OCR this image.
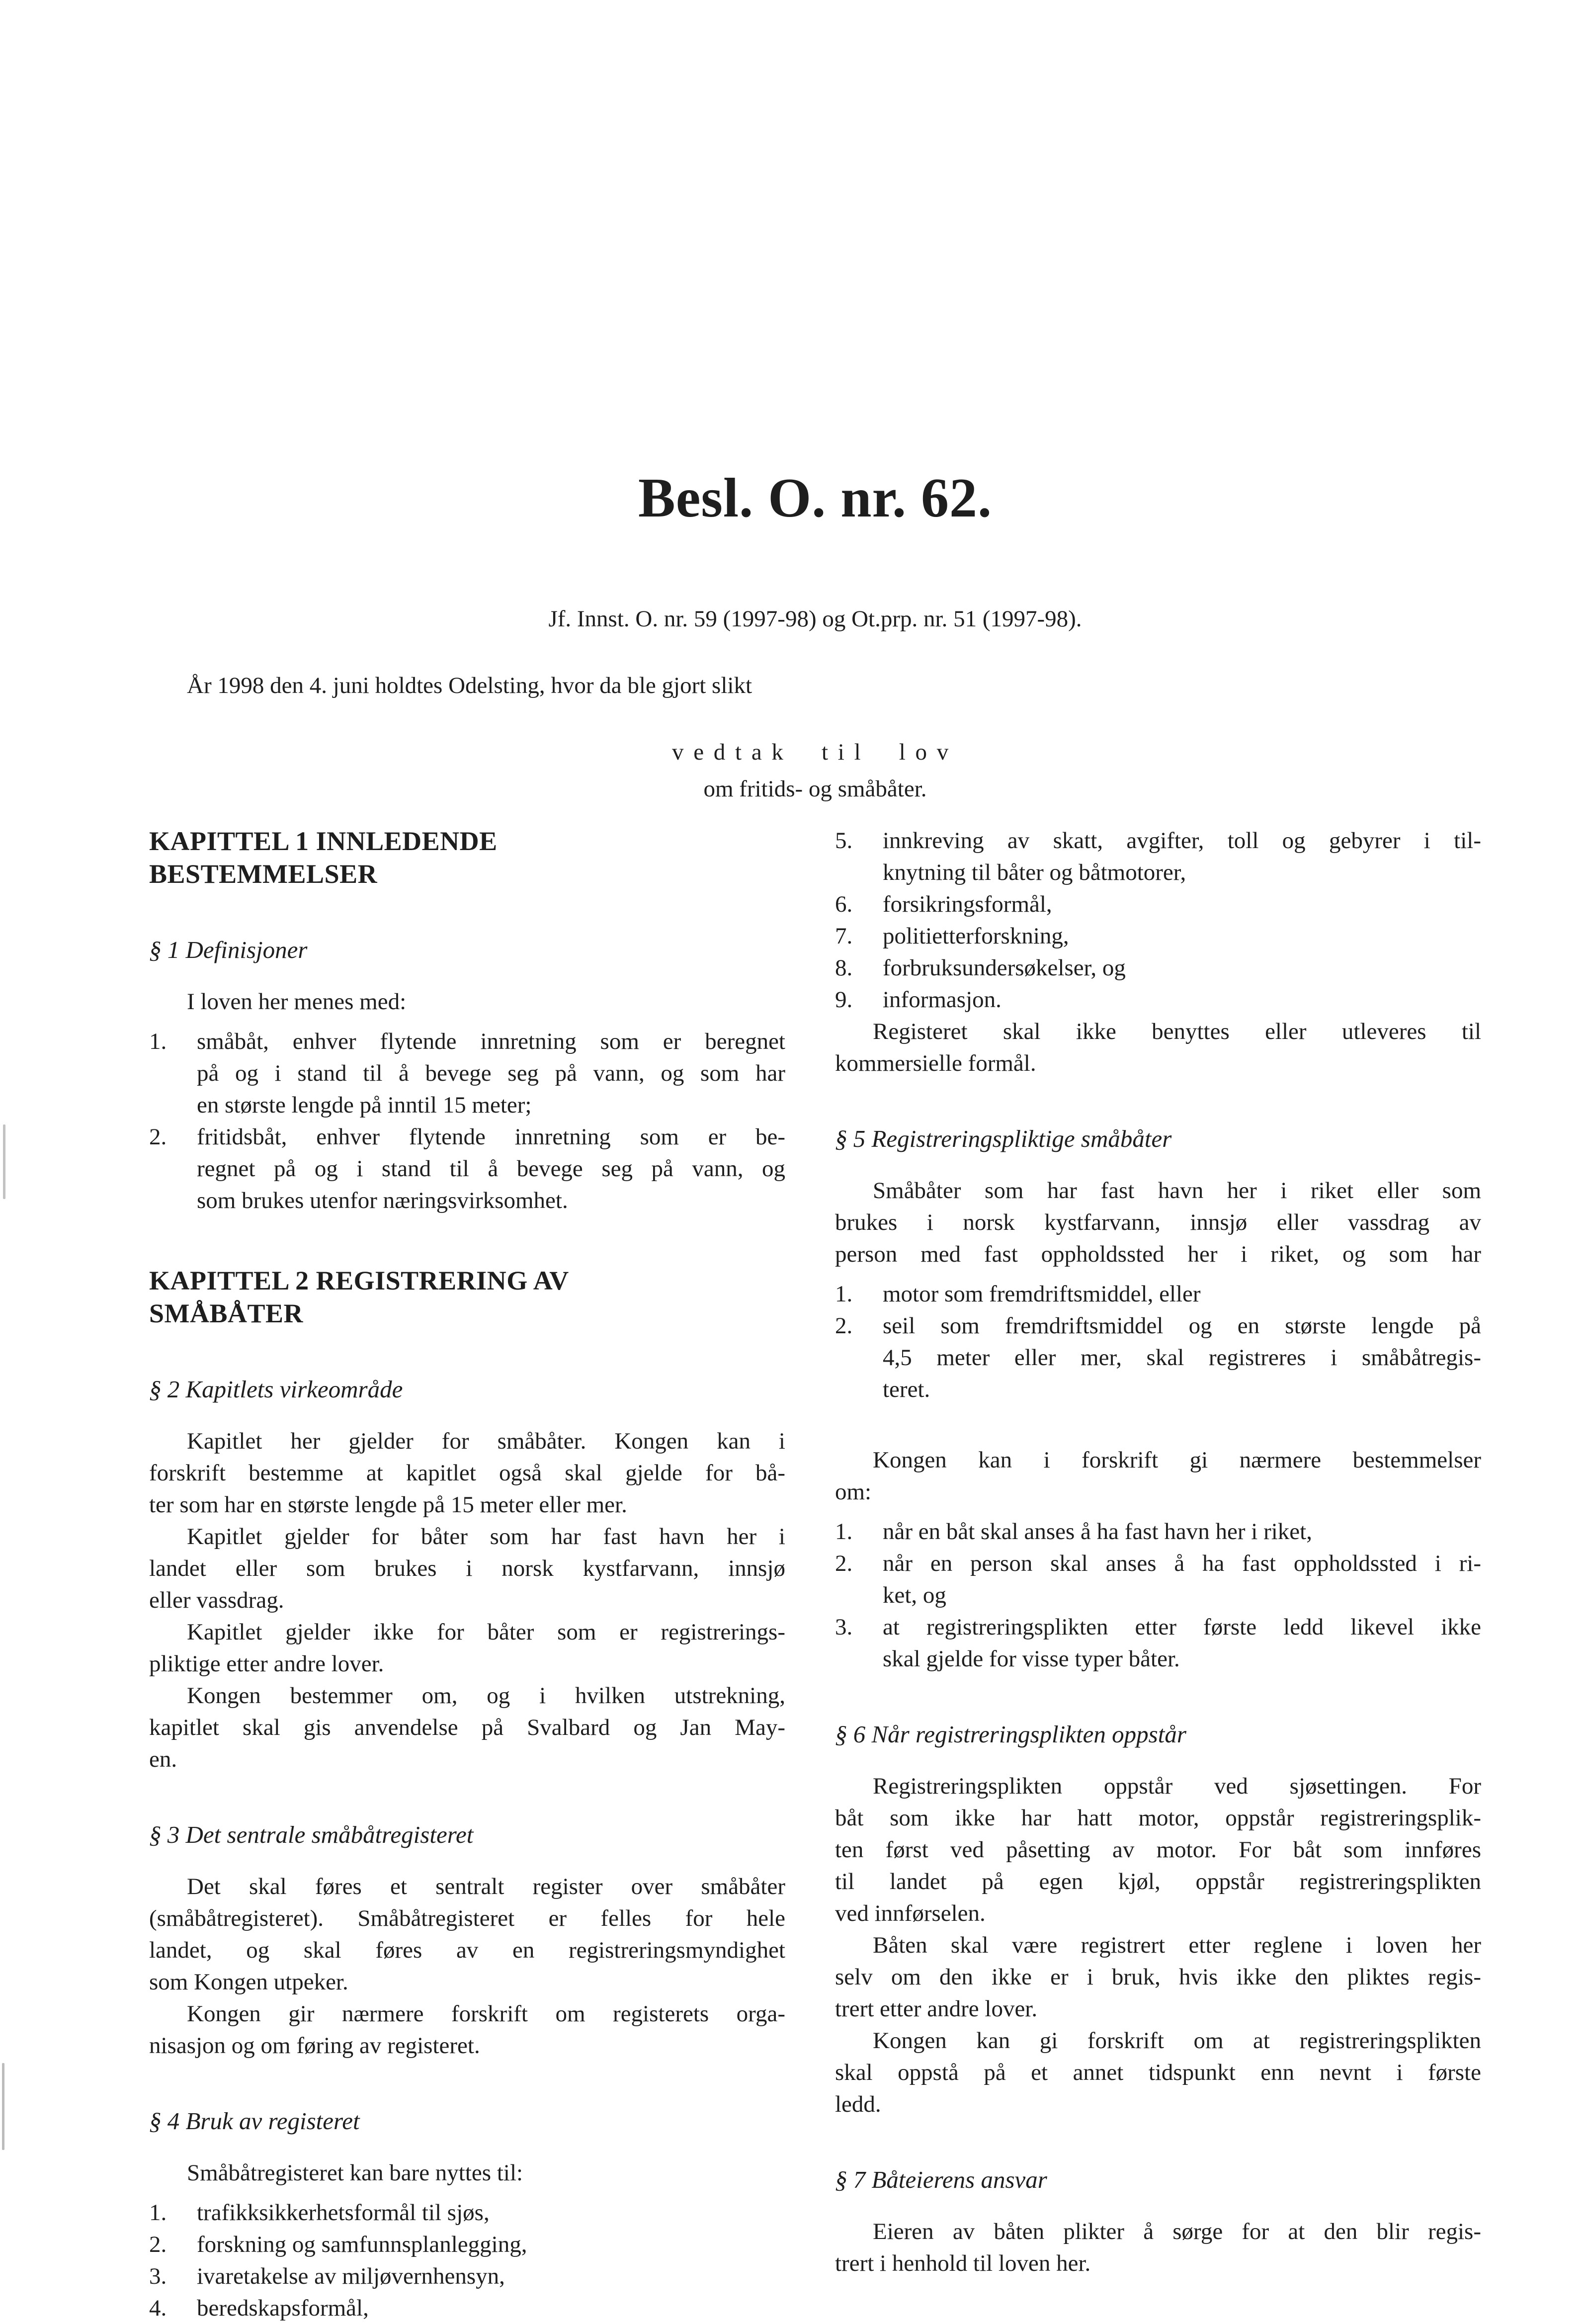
Besl. O. nr. 62.
Jf. Innst. O. nr. 59 (1997-98) og Ot.prp. nr. 51 (1997-98).
År 1998 den 4. juni holdtes Odelsting, hvor da ble gjort slikt
vedtak til lov
om fritids- og småbåter.
KAPITTEL 1 INNLEDENDE
BESTEMMELSER
§ 1 Definisjoner
I loven her menes med:
1. småbåt, enhver flytende innretning som er beregnet
på og i stand til å bevege seg på vann, og som har
en største lengde på inntil 15 meter;
2. fritidsbåt, enhver flytende innretning som er be-
regnet på og i stand til å bevege seg på vann, og
som brukes utenfor næringsvirksomhet.
KAPITTEL 2 REGISTRERING AV
SMÅBÅTER
§ 2 Kapitlets virkeområde
Kapitlet her gjelder for småbåter. Kongen kan i
forskrift bestemme at kapitlet også skal gjelde for bå-
ter som har en største lengde på 15 meter eller mer.
Kapitlet gjelder for båter som har fast havn her i
landet eller som brukes i norsk kystfarvann, innsjø
eller vassdrag.
Kapitlet gjelder ikke for båter som er registrerings-
pliktige etter andre lover.
Kongen bestemmer om, og i hvilken utstrekning,
kapitlet skal gis anvendelse på Svalbard og Jan May-
en.
§ 3 Det sentrale småbåtregisteret
Det skal føres et sentralt register over småbåter
(småbåtregisteret). Småbåtregisteret er felles for hele
landet, og skal føres av en registreringsmyndighet
som Kongen utpeker.
Kongen gir nærmere forskrift om registerets orga-
nisasjon og om føring av registeret.
§ 4 Bruk av registeret
Småbåtregisteret kan bare nyttes til:
1. trafikksikkerhetsformål til sjøs,
2. forskning og samfunnsplanlegging,
3. ivaretakelse av miljøvernhensyn,
4. beredskapsformål,
5. innkreving av skatt, avgifter, toll og gebyrer i til-
knytning til båter og båtmotorer,
6. forsikringsformål,
7. politietterforskning,
8. forbruksundersøkelser, og
9. informasjon.
Registeret skal ikke benyttes eller utleveres til
kommersielle formål.
§ 5 Registreringspliktige småbåter
Småbåter som har fast havn her i riket eller som
brukes i norsk kystfarvann, innsjø eller vassdrag av
person med fast oppholdssted her i riket, og som har
1. motor som fremdriftsmiddel, eller
2. seil som fremdriftsmiddel og en største lengde på
4,5 meter eller mer, skal registreres i småbåtregis-
teret.
Kongen kan i forskrift gi nærmere bestemmelser
om:
1. når en båt skal anses å ha fast havn her i riket,
2. når en person skal anses å ha fast oppholdssted i ri-
ket, og
3. at registreringsplikten etter første ledd likevel ikke
skal gjelde for visse typer båter.
§ 6 Når registreringsplikten oppstår
Registreringsplikten oppstår ved sjøsettingen. For
båt som ikke har hatt motor, oppstår registreringsplik-
ten først ved påsetting av motor. For båt som innføres
til landet på egen kjøl, oppstår registreringsplikten
ved innførselen.
Båten skal være registrert etter reglene i loven her
selv om den ikke er i bruk, hvis ikke den pliktes regis-
trert etter andre lover.
Kongen kan gi forskrift om at registreringsplikten
skal oppstå på et annet tidspunkt enn nevnt i første
ledd.
§ 7 Båteierens ansvar
Eieren av båten plikter å sørge for at den blir regis-
trert i henhold til loven her.
